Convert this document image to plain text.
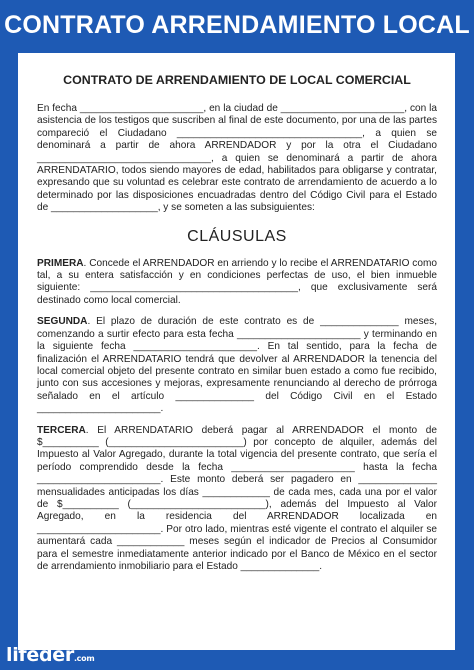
CONTRATO ARRENDAMIENTO LOCAL
CONTRATO DE ARRENDAMIENTO DE LOCAL COMERCIAL

En fecha ______________________, en la ciudad de ______________________, con la asistencia de los testigos que suscriben al final de este documento, por una de las partes compareció el Ciudadano _________________________________, a quien se denominará a partir de ahora ARRENDADOR y por la otra el Ciudadano _______________________________, a quien se denominará a partir de ahora ARRENDATARIO, todos siendo mayores de edad, habilitados para obligarse y contratar, expresando que su voluntad es celebrar este contrato de arrendamiento de acuerdo a lo determinado por las disposiciones encuadradas dentro del Código Civil para el Estado de ___________________, y se someten a las subsiguientes:

CLÁUSULAS

PRIMERA. Concede el ARRENDADOR en arriendo y lo recibe el ARRENDATARIO como tal, a su entera satisfacción y en condiciones perfectas de uso, el bien inmueble siguiente: _____________________________________, que exclusivamente será destinado como local comercial.

SEGUNDA. El plazo de duración de este contrato es de ______________ meses, comenzando a surtir efecto para esta fecha ______________________ y terminando en la siguiente fecha ______________________. En tal sentido, para la fecha de finalización el ARRENDATARIO tendrá que devolver al ARRENDADOR la tenencia del local comercial objeto del presente contrato en similar buen estado a como fue recibido, junto con sus accesiones y mejoras, expresamente renunciando al derecho de prórroga señalado en el artículo ______________ del Código Civil en el Estado ______________________.

TERCERA. El ARRENDATARIO deberá pagar al ARRENDADOR el monto de $__________ (________________________) por concepto de alquiler, además del Impuesto al Valor Agregado, durante la total vigencia del presente contrato, que sería el período comprendido desde la fecha ______________________ hasta la fecha ______________________. Este monto deberá ser pagadero en ______________ mensualidades anticipadas los días ____________ de cada mes, cada una por el valor de $__________ (________________________), además del Impuesto al Valor Agregado, en la residencia del ARRENDADOR localizada en ______________________. Por otro lado, mientras esté vigente el contrato el alquiler se aumentará cada ____________ meses según el indicador de Precios al Consumidor para el semestre inmediatamente anterior indicado por el Banco de México en el sector de arrendamiento inmobiliario para el Estado ______________.

lifeder.com
